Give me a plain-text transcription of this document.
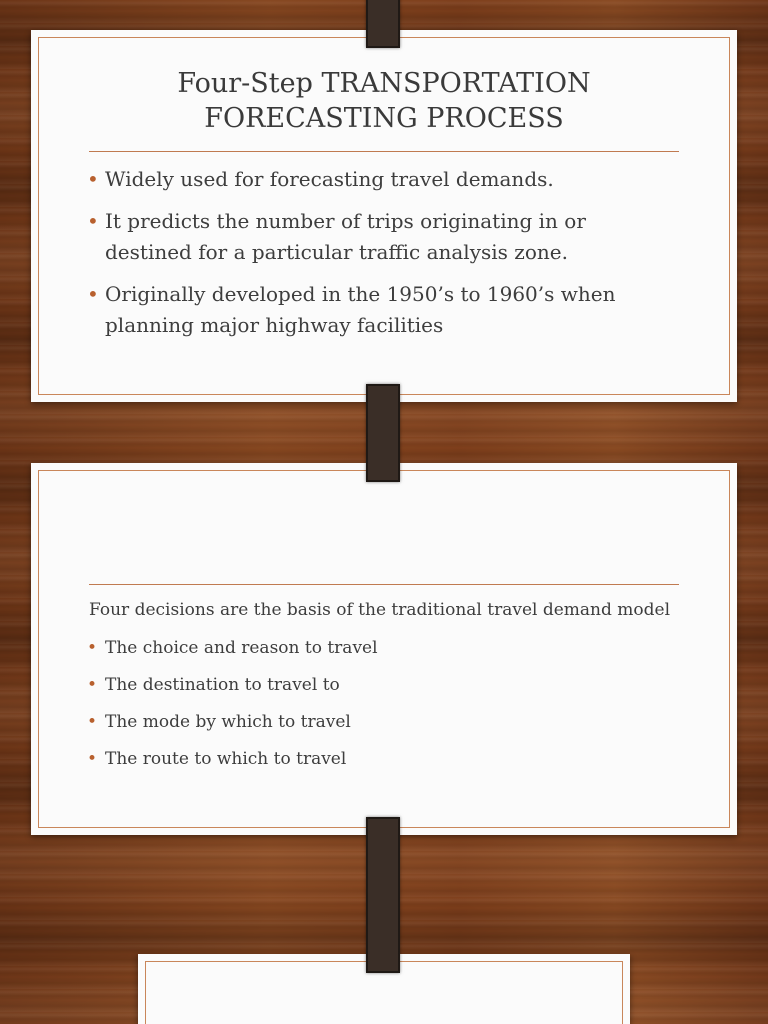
Four-Step TRANSPORTATION
FORECASTING PROCESS
• Widely used for forecasting travel demands.
• It predicts the number of trips originating in or destined for a particular traffic analysis zone.
• Originally developed in the 1950’s to 1960’s when planning major highway facilities
Four decisions are the basis of the traditional travel demand model
• The choice and reason to travel
• The destination to travel to
• The mode by which to travel
• The route to which to travel
